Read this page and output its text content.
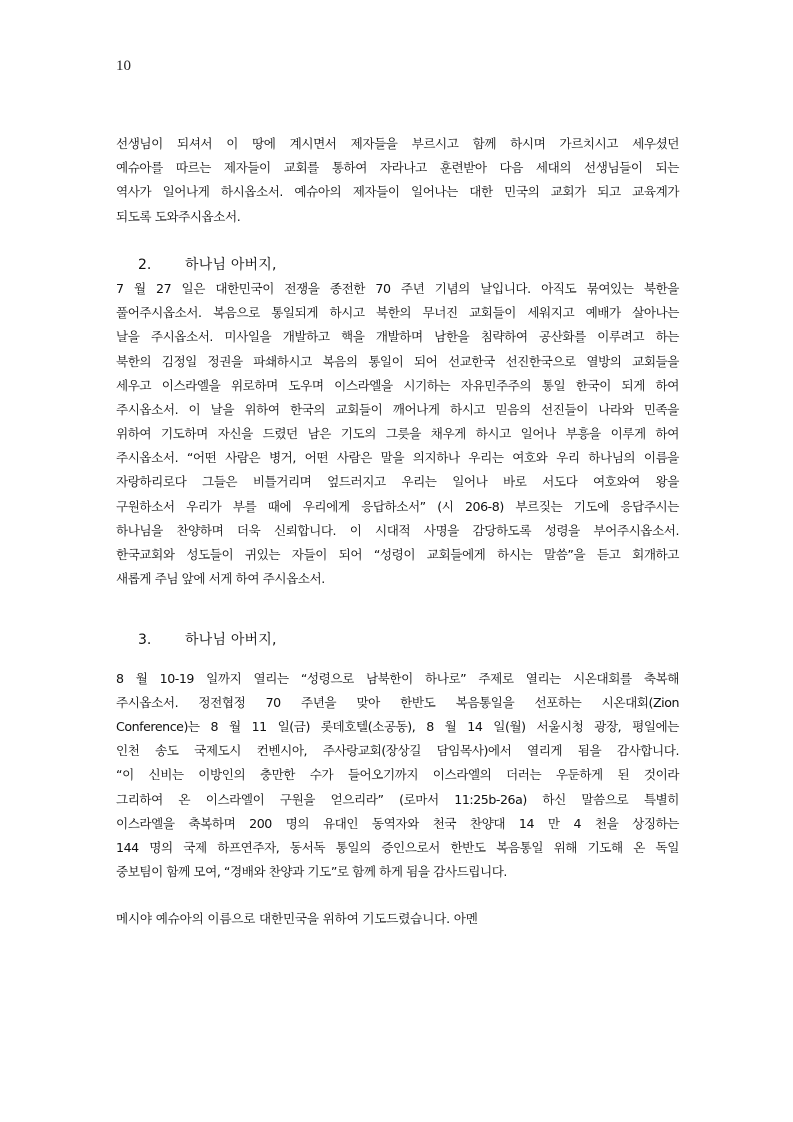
10
선생님이 되셔서 이 땅에 계시면서 제자들을 부르시고 함께 하시며 가르치시고 세우셨던
예슈아를 따르는 제자들이 교회를 통하여 자라나고 훈련받아 다음 세대의 선생님들이 되는
역사가 일어나게 하시옵소서. 예슈아의 제자들이 일어나는 대한 민국의 교회가 되고 교육계가
되도록 도와주시옵소서.
2.	하나님 아버지,
7 월 27 일은 대한민국이 전쟁을 종전한 70 주년 기념의 날입니다. 아직도 묶여있는 북한을
풀어주시옵소서. 복음으로 통일되게 하시고 북한의 무너진 교회들이 세워지고 예배가 살아나는
날을 주시옵소서. 미사일을 개발하고 핵을 개발하며 남한을 침략하여 공산화를 이루려고 하는
북한의 김정일 정권을 파쇄하시고 복음의 통일이 되어 선교한국 선진한국으로 열방의 교회들을
세우고 이스라엘을 위로하며 도우며 이스라엘을 시기하는 자유민주주의 통일 한국이 되게 하여
주시옵소서. 이 날을 위하여 한국의 교회들이 깨어나게 하시고 믿음의 선진들이 나라와 민족을
위하여 기도하며 자신을 드렸던 남은 기도의 그릇을 채우게 하시고 일어나 부흥을 이루게 하여
주시옵소서. “어떤 사람은 병거, 어떤 사람은 말을 의지하나 우리는 여호와 우리 하나님의 이름을
자랑하리로다 그들은 비틀거리며 엎드러지고 우리는 일어나 바로 서도다 여호와여 왕을
구원하소서 우리가 부를 때에 우리에게 응답하소서” (시 206-8) 부르짖는 기도에 응답주시는
하나님을 찬양하며 더욱 신뢰합니다. 이 시대적 사명을 감당하도록 성령을 부어주시옵소서.
한국교회와 성도들이 귀있는 자들이 되어 “성령이 교회들에게 하시는 말씀”을 듣고 회개하고
새롭게 주님 앞에 서게 하여 주시옵소서.
3.	하나님 아버지,
8 월 10-19 일까지 열리는 “성령으로 남북한이 하나로” 주제로 열리는 시온대회를 축복해
주시옵소서. 정전협정 70 주년을 맞아 한반도 복음통일을 선포하는 시온대회(Zion
Conference)는 8 월 11 일(금) 롯데호텔(소공동), 8 월 14 일(월) 서울시청 광장, 평일에는
인천 송도 국제도시 컨벤시아, 주사랑교회(장상길 담임목사)에서 열리게 됨을 감사합니다.
“이 신비는 이방인의 충만한 수가 들어오기까지 이스라엘의 더러는 우둔하게 된 것이라
그리하여 온 이스라엘이 구원을 얻으리라” (로마서 11:25b-26a) 하신 말씀으로 특별히
이스라엘을 축복하며 200 명의 유대인 동역자와 천국 찬양대 14 만 4 천을 상징하는
144 명의 국제 하프연주자, 동서독 통일의 증인으로서 한반도 복음통일 위해 기도해 온 독일
중보팀이 함께 모여, “경배와 찬양과 기도”로 함께 하게 됨을 감사드립니다.
메시야 예슈아의 이름으로 대한민국을 위하여 기도드렸습니다. 아멘
